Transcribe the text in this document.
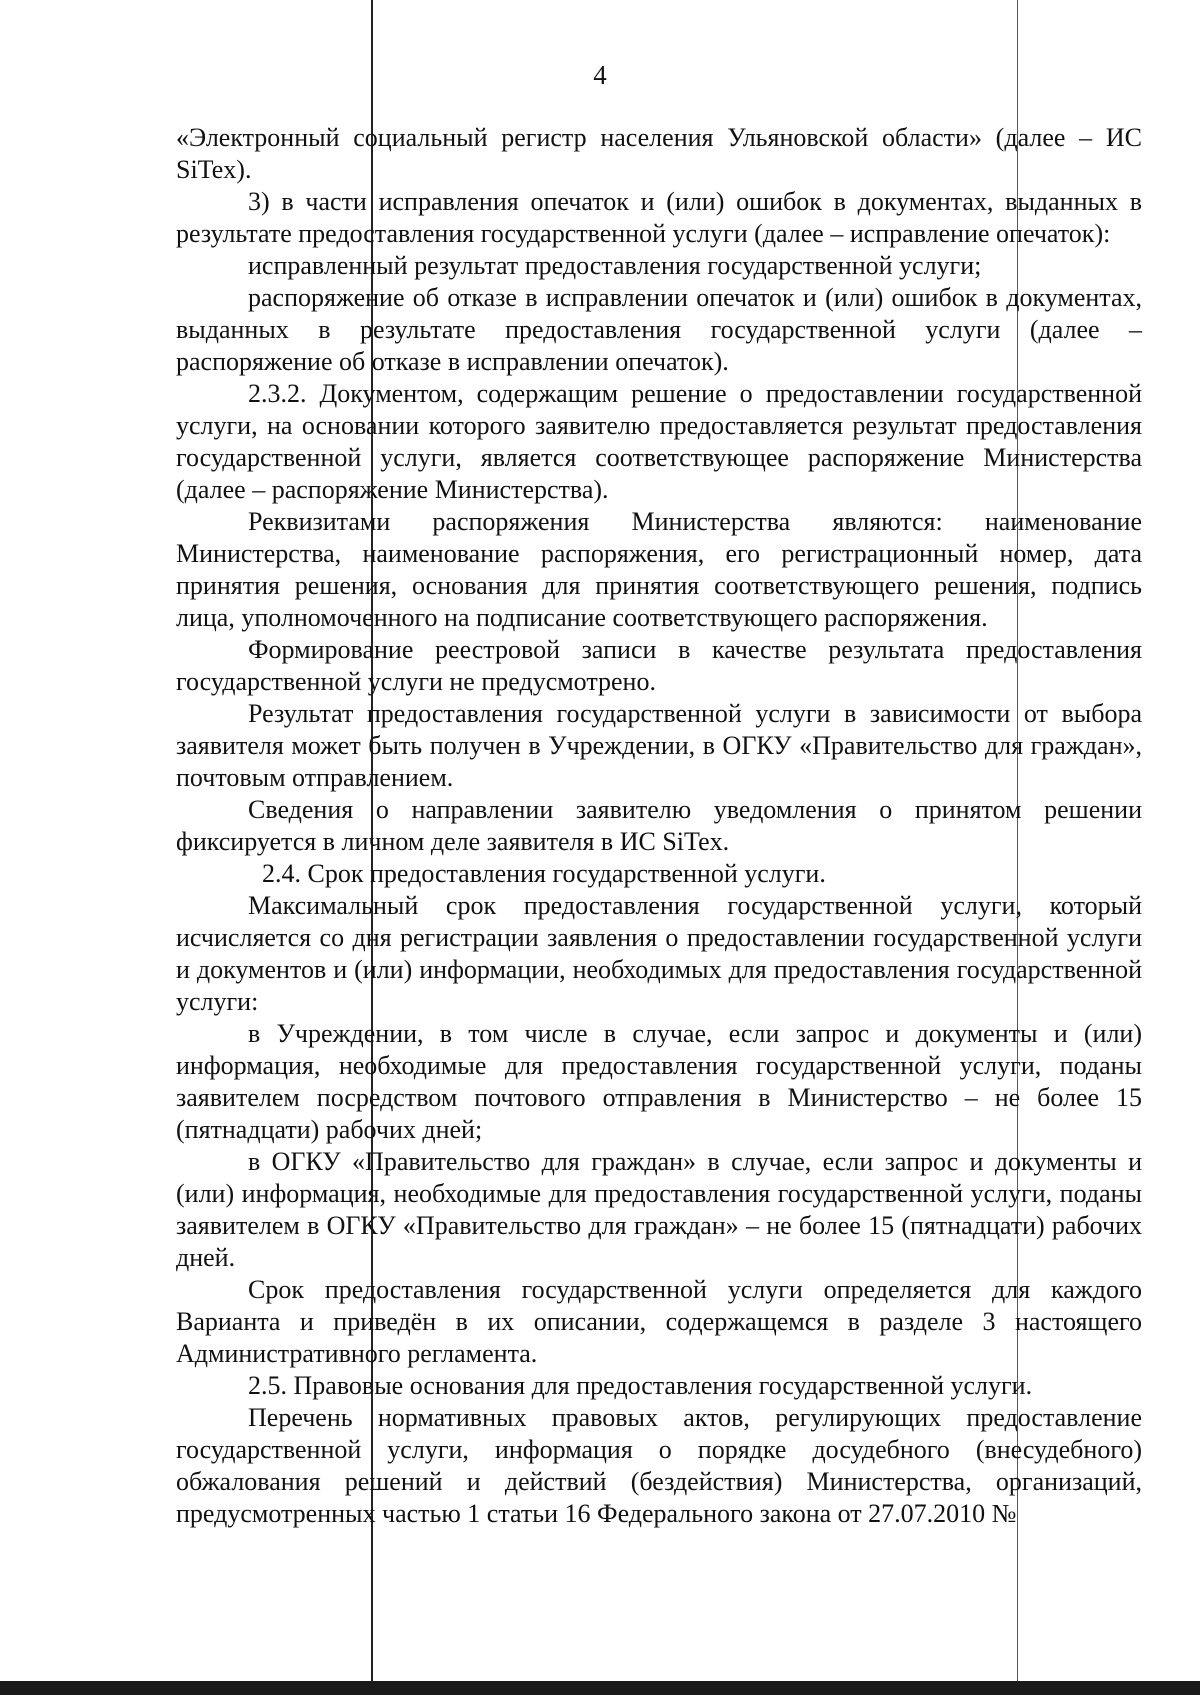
4

«Электронный социальный регистр населения Ульяновской области» (далее – ИС SiTex).

3) в части исправления опечаток и (или) ошибок в документах, выданных в результате предоставления государственной услуги (далее – исправление опечаток):

исправленный результат предоставления государственной услуги;

распоряжение об отказе в исправлении опечаток и (или) ошибок в документах, выданных в результате предоставления государственной услуги (далее – распоряжение об отказе в исправлении опечаток).

2.3.2. Документом, содержащим решение о предоставлении государственной услуги, на основании которого заявителю предоставляется результат предоставления государственной услуги, является соответствующее распоряжение Министерства (далее – распоряжение Министерства).

Реквизитами распоряжения Министерства являются: наименование Министерства, наименование распоряжения, его регистрационный номер, дата принятия решения, основания для принятия соответствующего решения, подпись лица, уполномоченного на подписание соответствующего распоряжения.

Формирование реестровой записи в качестве результата предоставления государственной услуги не предусмотрено.

Результат предоставления государственной услуги в зависимости от выбора заявителя может быть получен в Учреждении, в ОГКУ «Правительство для граждан», почтовым отправлением.

Сведения о направлении заявителю уведомления о принятом решении фиксируется в личном деле заявителя в ИС SiTex.

2.4. Срок предоставления государственной услуги.

Максимальный срок предоставления государственной услуги, который исчисляется со дня регистрации заявления о предоставлении государственной услуги и документов и (или) информации, необходимых для предоставления государственной услуги:

в Учреждении, в том числе в случае, если запрос и документы и (или) информация, необходимые для предоставления государственной услуги, поданы заявителем посредством почтового отправления в Министерство – не более 15 (пятнадцати) рабочих дней;

в ОГКУ «Правительство для граждан» в случае, если запрос и документы и (или) информация, необходимые для предоставления государственной услуги, поданы заявителем в ОГКУ «Правительство для граждан» – не более 15 (пятнадцати) рабочих дней.

Срок предоставления государственной услуги определяется для каждого Варианта и приведён в их описании, содержащемся в разделе 3 настоящего Административного регламента.

2.5. Правовые основания для предоставления государственной услуги.

Перечень нормативных правовых актов, регулирующих предоставление государственной услуги, информация о порядке досудебного (внесудебного) обжалования решений и действий (бездействия) Министерства, организаций, предусмотренных частью 1 статьи 16 Федерального закона от 27.07.2010 №
